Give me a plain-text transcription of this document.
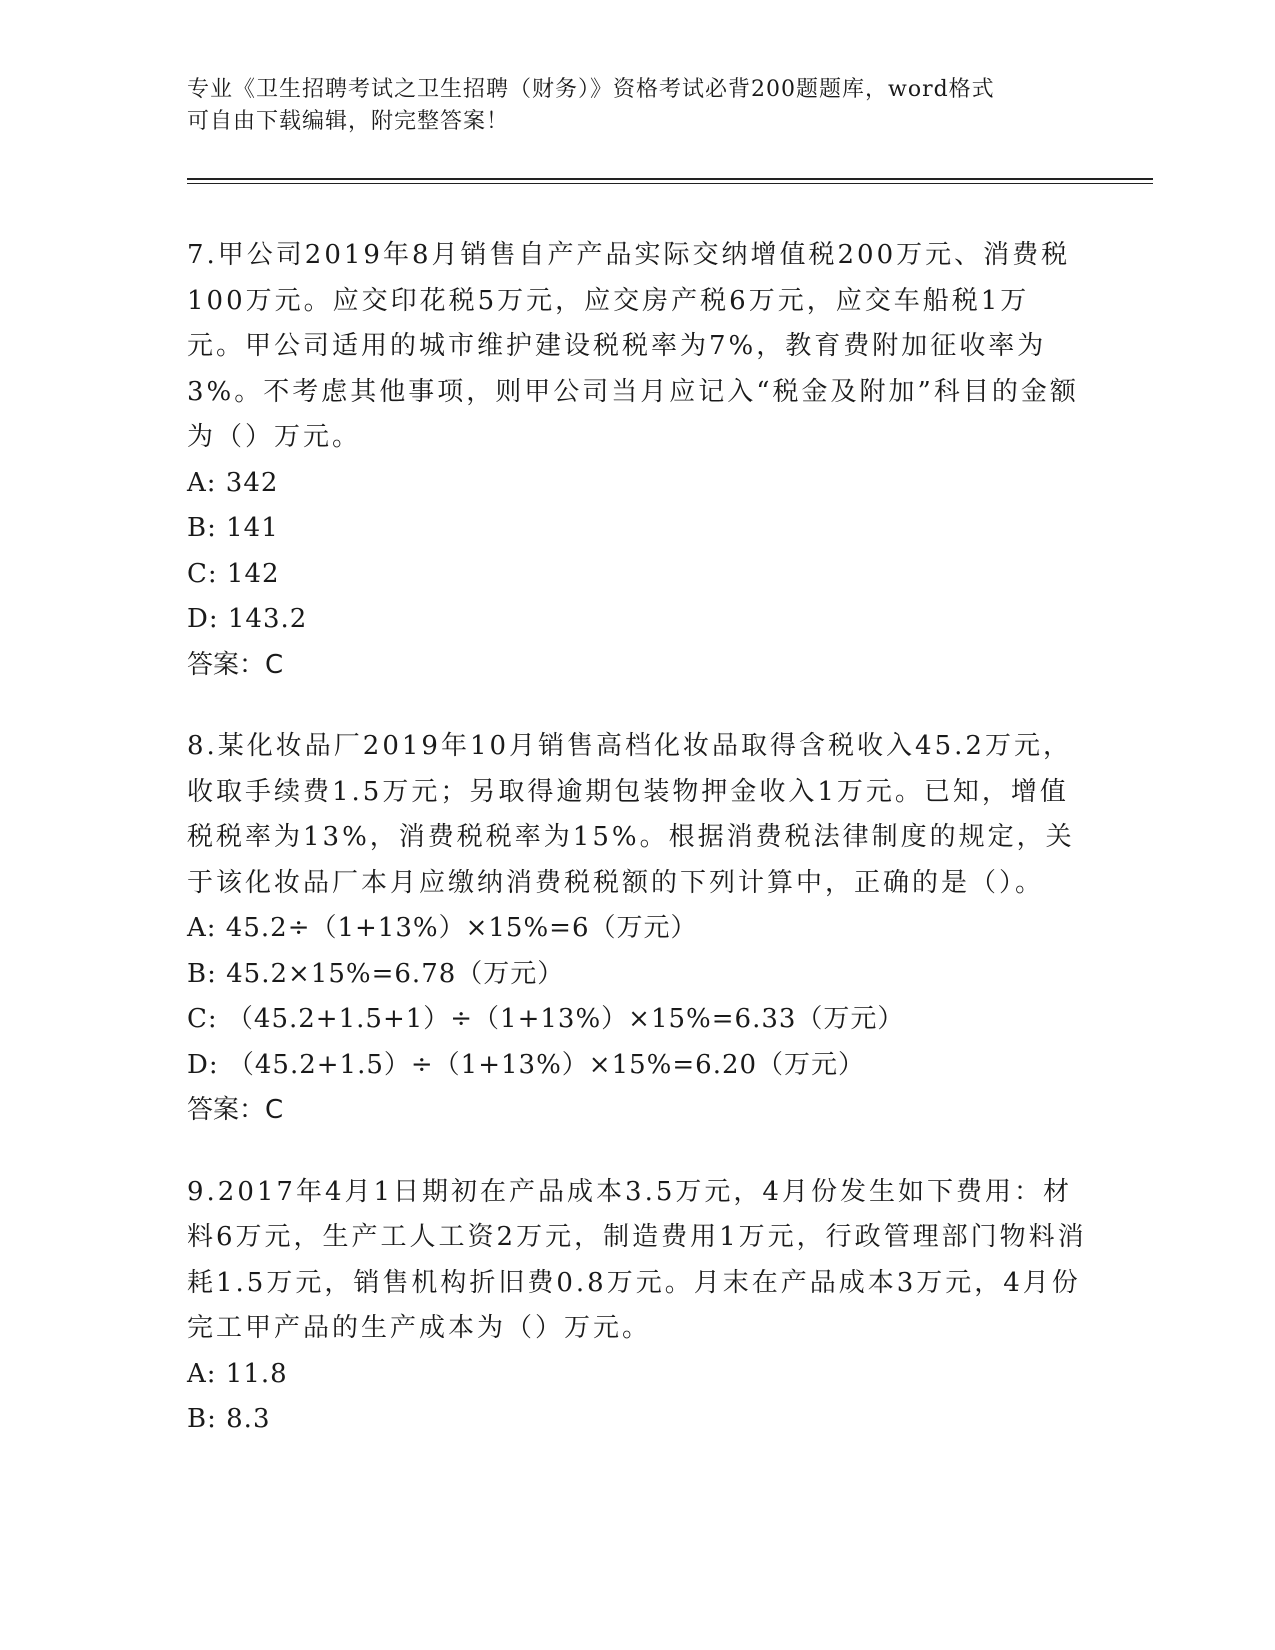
专业《卫生招聘考试之卫生招聘（财务）》资格考试必背200题题库，word格式
可自由下载编辑，附完整答案！

7.甲公司2019年8月销售自产产品实际交纳增值税200万元、消费税100万元。应交印花税5万元，应交房产税6万元，应交车船税1万元。甲公司适用的城市维护建设税税率为7%，教育费附加征收率为3%。不考虑其他事项，则甲公司当月应记入“税金及附加”科目的金额为（）万元。

A: 342

B: 141

C: 142

D: 143.2

答案：C

8.某化妆品厂2019年10月销售高档化妆品取得含税收入45.2万元，收取手续费1.5万元；另取得逾期包装物押金收入1万元。已知，增值税税率为13%，消费税税率为15%。根据消费税法律制度的规定，关于该化妆品厂本月应缴纳消费税税额的下列计算中，正确的是（）。

A: 45.2÷（1+13%）×15%=6（万元）

B: 45.2×15%=6.78（万元）

C: （45.2+1.5+1）÷（1+13%）×15%=6.33（万元）

D: （45.2+1.5）÷（1+13%）×15%=6.20（万元）

答案：C

9.2017年4月1日期初在产品成本3.5万元，4月份发生如下费用：材料6万元，生产工人工资2万元，制造费用1万元，行政管理部门物料消耗1.5万元，销售机构折旧费0.8万元。月末在产品成本3万元，4月份完工甲产品的生产成本为（）万元。

A: 11.8

B: 8.3
